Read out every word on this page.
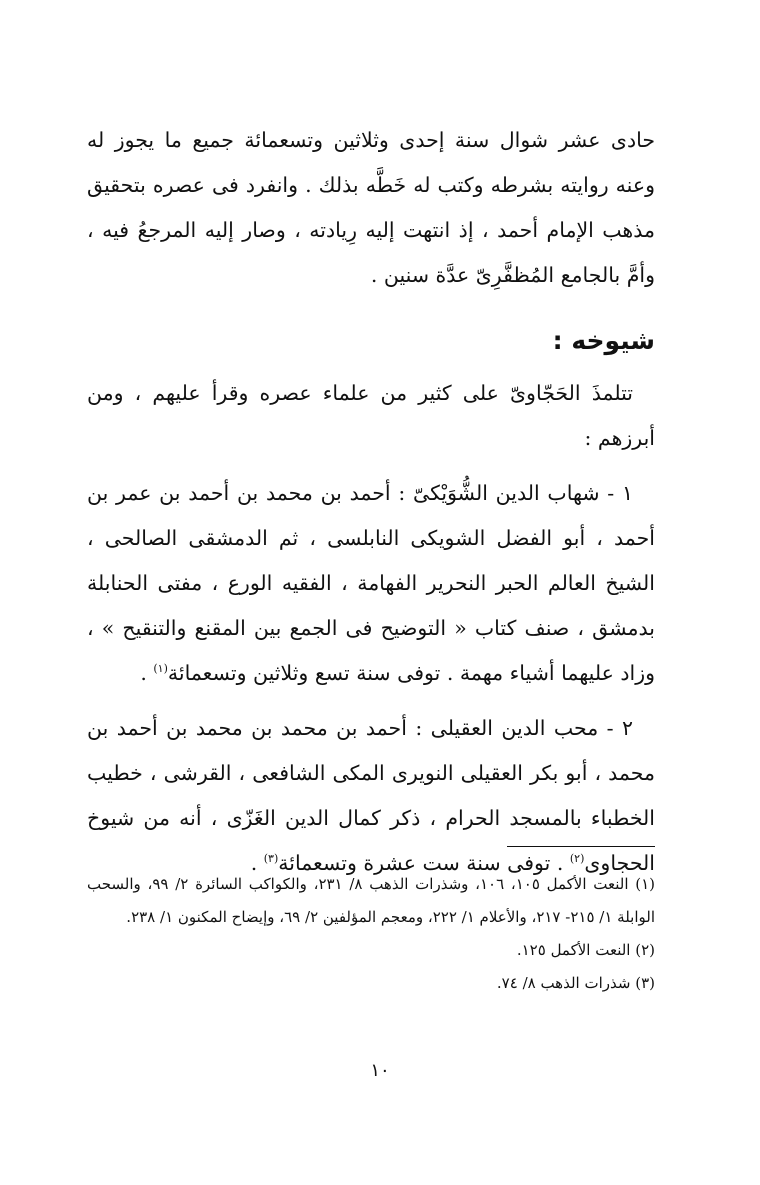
حادى عشر شوال سنة إحدى وثلاثين وتسعمائة جميع ما يجوز له وعنه روايته بشرطه وكتب له خَطَّه بذلك . وانفرد فى عصره بتحقيق مذهب الإمام أحمد ، إذ انتهت إليه رِيادته ، وصار إليه المرجعُ فيه ، وأمَّ بالجامع المُظفَّرِىّ عدَّة سنين .

شيوخه :

تتلمذَ الحَجّاوىّ على كثير من علماء عصره وقرأ عليهم ، ومن أبرزهم :

١ - شهاب الدين الشُّوَيْكىّ : أحمد بن محمد بن أحمد بن عمر بن أحمد ، أبو الفضل الشويكى النابلسى ، ثم الدمشقى الصالحى ، الشيخ العالم الحبر النحرير الفهامة ، الفقيه الورع ، مفتى الحنابلة بدمشق ، صنف كتاب « التوضيح فى الجمع بين المقنع والتنقيح » ، وزاد عليهما أشياء مهمة . توفى سنة تسع وثلاثين وتسعمائة$^{(١)}$ .

٢ - محب الدين العقيلى : أحمد بن محمد بن محمد بن أحمد بن محمد ، أبو بكر العقيلى النويرى المكى الشافعى ، القرشى ، خطيب الخطباء بالمسجد الحرام ، ذكر كمال الدين الغَزّى ، أنه من شيوخ الحجاوى$^{(٢)}$ . توفى سنة ست عشرة وتسعمائة$^{(٣)}$ .

(١) النعت الأكمل ١٠٥، ١٠٦، وشذرات الذهب ٨/ ٢٣١، والكواكب السائرة ٢/ ٩٩، والسحب الوابلة ١/ ٢١٥- ٢١٧، والأعلام ١/ ٢٢٢، ومعجم المؤلفين ٢/ ٦٩، وإيضاح المكنون ١/ ٢٣٨.

(٢) النعت الأكمل ١٢٥.

(٣) شذرات الذهب ٨/ ٧٤.

١٠
